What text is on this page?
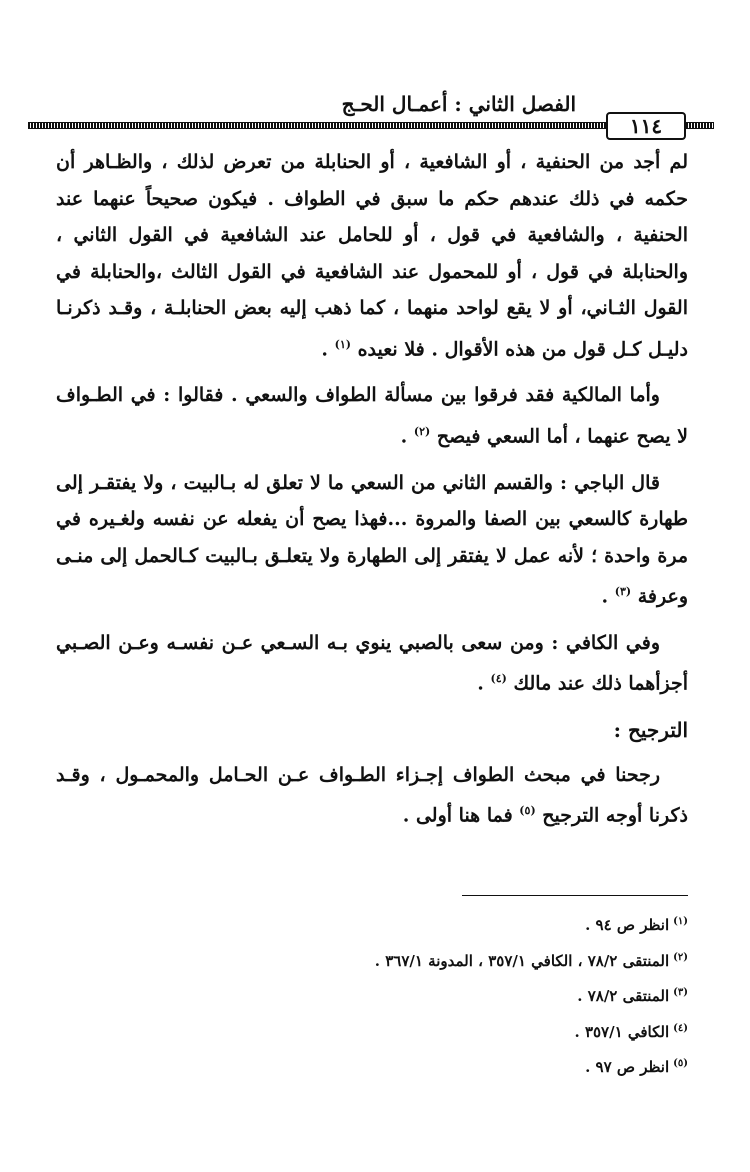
الفصل الثاني : أعمـال الحـج
١١٤

لم أجد من الحنفية ، أو الشافعية ، أو الحنابلة من تعرض لذلك ، والظـاهر أن حكمه في ذلك عندهم حكم ما سبق في الطواف . فيكون صحيحاً عنهما عند الحنفية ، والشافعية في قول ، أو للحامل عند الشافعية في القول الثاني ، والحنابلة في قول ، أو للمحمول عند الشافعية في القول الثالث ،والحنابلة في القول الثـاني، أو لا يقع لواحد منهما ، كما ذهب إليه بعض الحنابلـة ، وقـد ذكرنـا دليـل كـل قول من هذه الأقوال . فلا نعيده $^{(١)}$ .

وأما المالكية فقد فرقوا بين مسألة الطواف والسعي . فقالوا : في الطـواف لا يصح عنهما ، أما السعي فيصح $^{(٢)}$ .

قال الباجي : والقسم الثاني من السعي ما لا تعلق له بـالبيت ، ولا يفتقـر إلى طهارة كالسعي بين الصفا والمروة ...فهذا يصح أن يفعله عن نفسه ولغـيره في مرة واحدة ؛ لأنه عمل لا يفتقر إلى الطهارة ولا يتعلـق بـالبيت كـالحمل إلى منـى وعرفة $^{(٣)}$ .

وفي الكافي : ومن سعى بالصبي ينوي بـه السـعي عـن نفسـه وعـن الصـبي أجزأهما ذلك عند مالك $^{(٤)}$ .

الترجيح :

رجحنا في مبحث الطواف إجـزاء الطـواف عـن الحـامل والمحمـول ، وقـد ذكرنا أوجه الترجيح $^{(٥)}$ فما هنا أولى .

$^{(١)}$انظر ص ٩٤ .
$^{(٢)}$المنتقى ٧٨/٢ ، الكافي ٣٥٧/١ ، المدونة ٣٦٧/١ .
$^{(٣)}$المنتقى ٧٨/٢ .
$^{(٤)}$الكافي ٣٥٧/١ .
$^{(٥)}$انظر ص ٩٧ .
